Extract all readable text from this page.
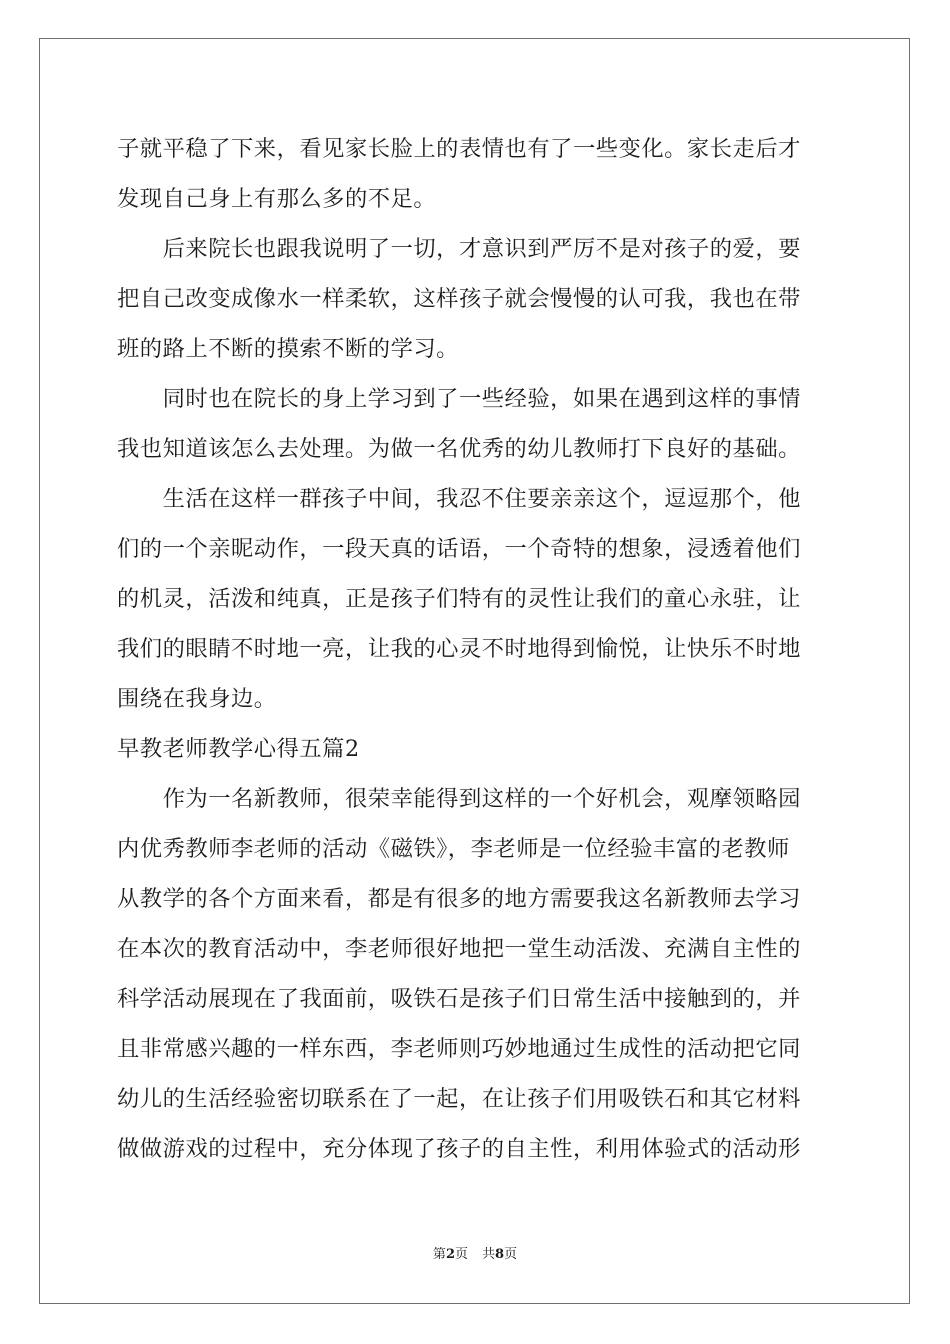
子就平稳了下来，看见家长脸上的表情也有了一些变化。家长走后才
发现自己身上有那么多的不足。
　　后来院长也跟我说明了一切，才意识到严厉不是对孩子的爱，要
把自己改变成像水一样柔软，这样孩子就会慢慢的认可我，我也在带
班的路上不断的摸索不断的学习。
　　同时也在院长的身上学习到了一些经验，如果在遇到这样的事情
我也知道该怎么去处理。为做一名优秀的幼儿教师打下良好的基础。
　　生活在这样一群孩子中间，我忍不住要亲亲这个，逗逗那个，他
们的一个亲昵动作，一段天真的话语，一个奇特的想象，浸透着他们
的机灵，活泼和纯真，正是孩子们特有的灵性让我们的童心永驻，让
我们的眼睛不时地一亮，让我的心灵不时地得到愉悦，让快乐不时地
围绕在我身边。
早教老师教学心得五篇2
　　作为一名新教师，很荣幸能得到这样的一个好机会，观摩领略园
内优秀教师李老师的活动《磁铁》，李老师是一位经验丰富的老教师
从教学的各个方面来看，都是有很多的地方需要我这名新教师去学习
在本次的教育活动中，李老师很好地把一堂生动活泼、充满自主性的
科学活动展现在了我面前，吸铁石是孩子们日常生活中接触到的，并
且非常感兴趣的一样东西，李老师则巧妙地通过生成性的活动把它同
幼儿的生活经验密切联系在了一起，在让孩子们用吸铁石和其它材料
做做游戏的过程中，充分体现了孩子的自主性，利用体验式的活动形
第2页 共8页
